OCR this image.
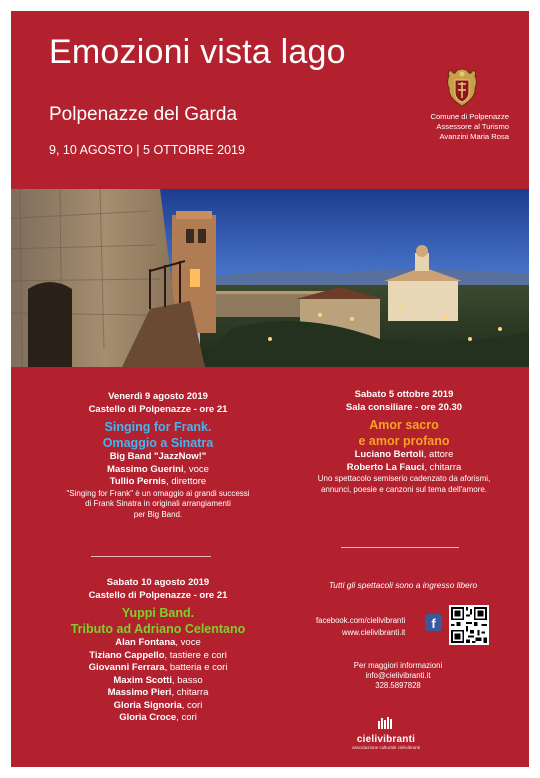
Emozioni vista lago
Polpenazze del Garda
9, 10 AGOSTO | 5 OTTOBRE 2019
Comune di Polpenazze
Assessore al Turismo
Avanzini Maria Rosa
Venerdì 9 agosto 2019
Castello di Polpenazze - ore 21
Singing for Frank.
Omaggio a Sinatra
Big Band "JazzNow!"
Massimo Guerini, voce
Tullio Pernis, direttore
"Singing for Frank" è un omaggio ai grandi successi
di Frank Sinatra in originali arrangiamenti
per Big Band.
Sabato 5 ottobre 2019
Sala consiliare - ore 20.30
Amor sacro
e amor profano
Luciano Bertoli, attore
Roberto La Fauci, chitarra
Uno spettacolo semiserio cadenzato da aforismi,
annunci, poesie e canzoni sul tema dell'amore.
Sabato 10 agosto 2019
Castello di Polpenazze - ore 21
Yuppi Band.
Tributo ad Adriano Celentano
Alan Fontana, voce
Tiziano Cappello, tastiere e cori
Giovanni Ferrara, batteria e cori
Maxim Scotti, basso
Massimo Pieri, chitarra
Gloria Signoria, cori
Gloria Croce, cori
Tutti gli spettacoli sono a ingresso libero
facebook.com/cielivibranti
www.cielivibranti.it
f
Per maggiori informazioni
info@cielivibranti.it
328.5897828
cielivibranti
associazione culturale cielivibranti
